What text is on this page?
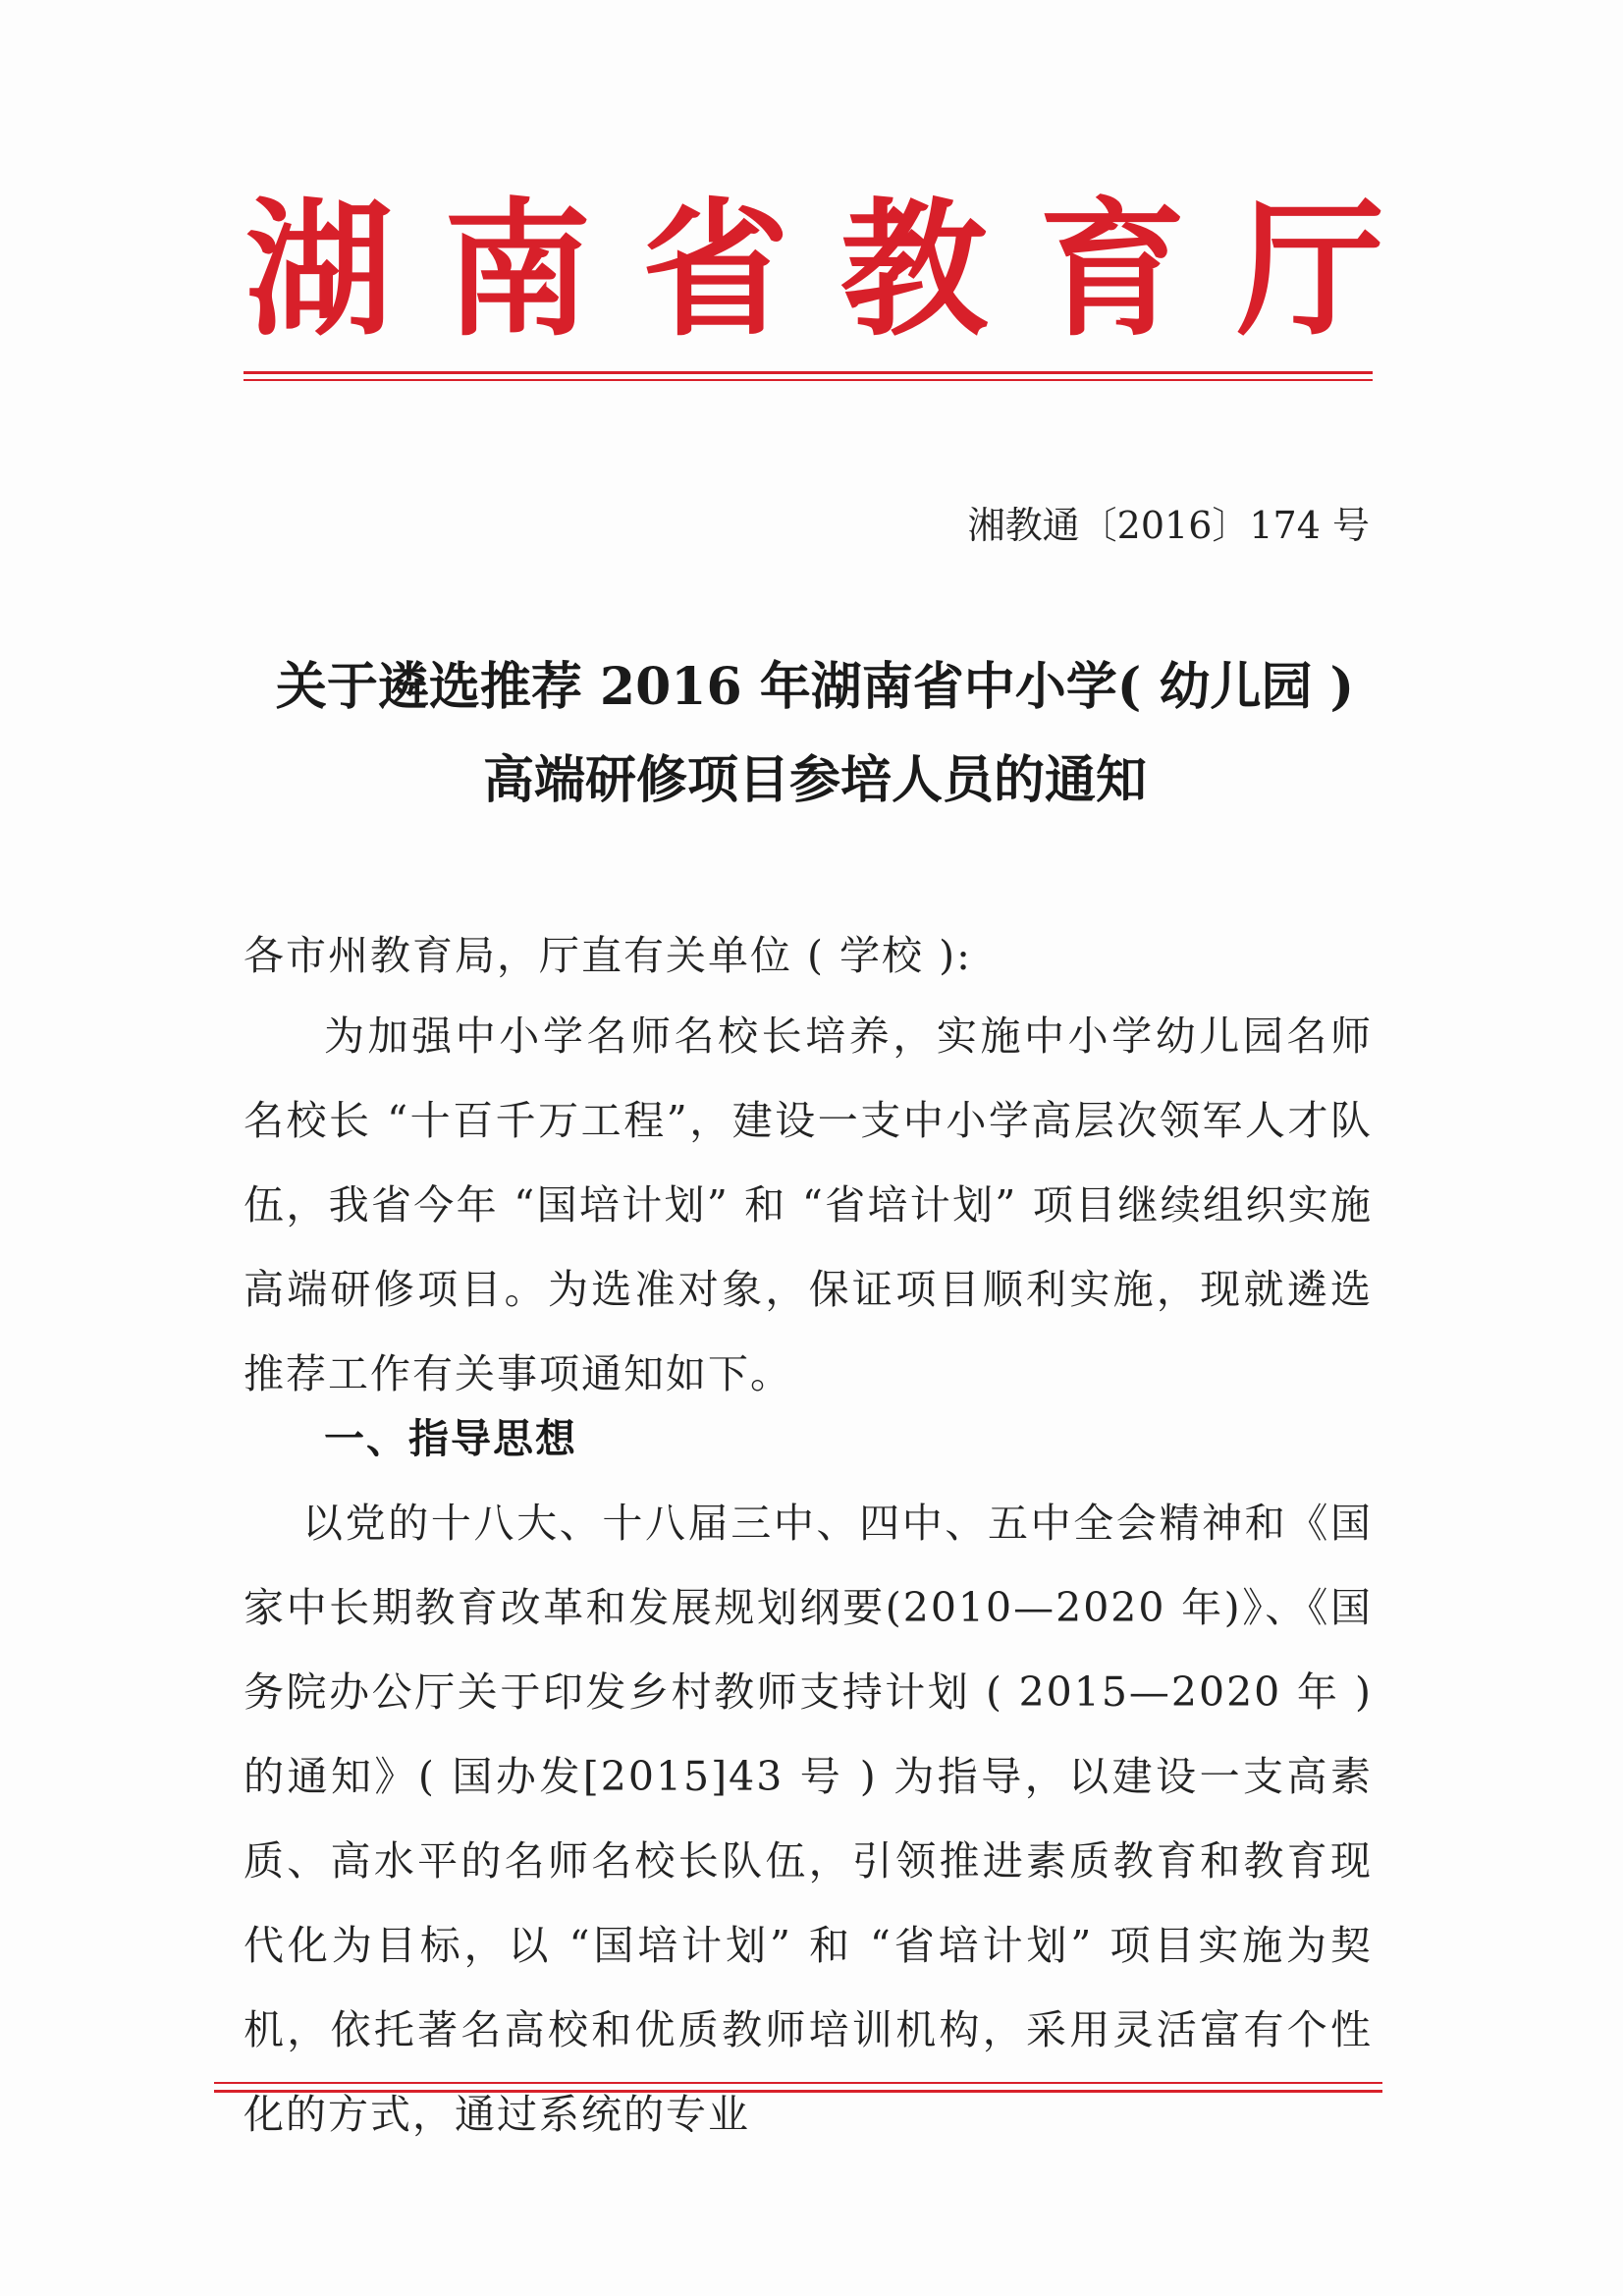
湖 南 省 教 育 厅
湘教通〔2016〕174 号
关于遴选推荐 2016 年湖南省中小学( 幼儿园 )
高端研修项目参培人员的通知
各市州教育局，厅直有关单位 ( 学校 ):
为加强中小学名师名校长培养，实施中小学幼儿园名师名校长 “十百千万工程”，建设一支中小学高层次领军人才队伍，我省今年 “国培计划” 和 “省培计划” 项目继续组织实施高端研修项目。为选准对象，保证项目顺利实施，现就遴选推荐工作有关事项通知如下。
一、指导思想
以党的十八大、十八届三中、四中、五中全会精神和《国家中长期教育改革和发展规划纲要(2010—2020 年)》、《国务院办公厅关于印发乡村教师支持计划 ( 2015—2020 年 ) 的通知》( 国办发[2015]43 号 ) 为指导，以建设一支高素质、高水平的名师名校长队伍，引领推进素质教育和教育现代化为目标，以 “国培计划” 和 “省培计划” 项目实施为契机，依托著名高校和优质教师培训机构，采用灵活富有个性化的方式，通过系统的专业
